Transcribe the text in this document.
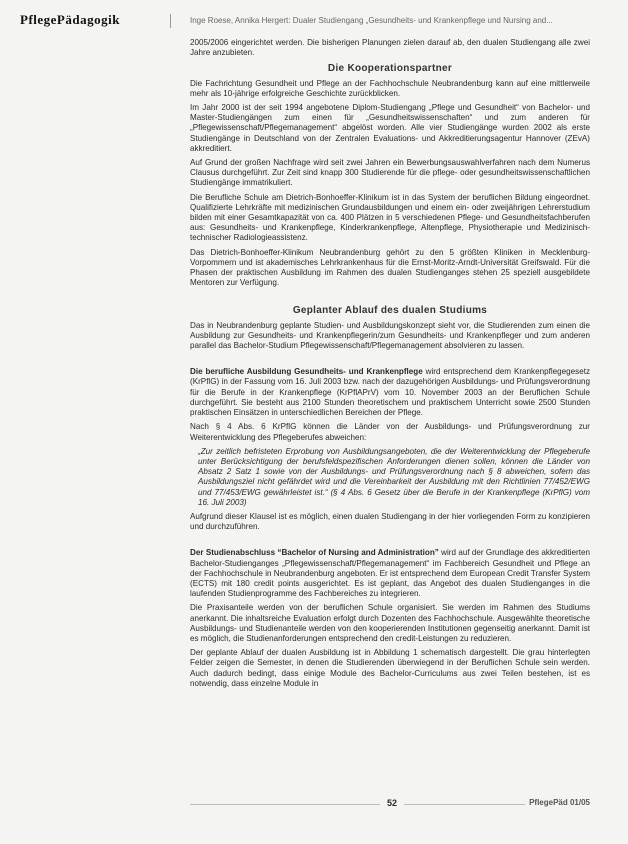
PflegePädagogik	Inge Roese, Annika Hergert: Dualer Studiengang „Gesundheits- und Krankenpflege und Nursing and...

2005/2006 eingerichtet werden. Die bisherigen Planungen zielen darauf ab, den dualen Studiengang alle zwei Jahre anzubieten.

Die Kooperationspartner

Die Fachrichtung Gesundheit und Pflege an der Fachhochschule Neubrandenburg kann auf eine mittlerweile mehr als 10-jährige erfolgreiche Geschichte zurückblicken.

Im Jahr 2000 ist der seit 1994 angebotene Diplom-Studiengang „Pflege und Gesundheit“ von Bachelor- und Master-Studiengängen zum einen für „Gesundheitswissenschaften“ und zum anderen für „Pflegewissenschaft/Pflegemanagement“ abgelöst worden. Alle vier Studiengänge wurden 2002 als erste Studiengänge in Deutschland von der Zentralen Evaluations- und Akkreditierungsagentur Hannover (ZEvA) akkreditiert.

Auf Grund der großen Nachfrage wird seit zwei Jahren ein Bewerbungsauswahlverfahren nach dem Numerus Clausus durchgeführt. Zur Zeit sind knapp 300 Studierende für die pflege- oder gesundheitswissenschaftlichen Studiengänge immatrikuliert.

Die Berufliche Schule am Dietrich-Bonhoeffer-Klinikum ist in das System der beruflichen Bildung eingeordnet. Qualifizierte Lehrkräfte mit medizinischen Grundausbildungen und einem ein- oder zweijährigen Lehrerstudium bilden mit einer Gesamtkapazität von ca. 400 Plätzen in 5 verschiedenen Pflege- und Gesundheitsfachberufen aus: Gesundheits- und Krankenpflege, Kinderkrankenpflege, Altenpflege, Physiotherapie und Medizinisch-technischer Radiologieassistenz.

Das Dietrich-Bonhoeffer-Klinikum Neubrandenburg gehört zu den 5 größten Kliniken in Mecklenburg-Vorpommern und ist akademisches Lehrkrankenhaus für die Ernst-Moritz-Arndt-Universität Greifswald. Für die Phasen der praktischen Ausbildung im Rahmen des dualen Studienganges stehen 25 speziell ausgebildete Mentoren zur Verfügung.

Geplanter Ablauf des dualen Studiums

Das in Neubrandenburg geplante Studien- und Ausbildungskonzept sieht vor, die Studierenden zum einen die Ausbildung zur Gesundheits- und Krankenpflegerin/zum Gesundheits- und Krankenpfleger und zum anderen parallel das Bachelor-Studium Pflegewissenschaft/Pflegemanagement absolvieren zu lassen.

Die berufliche Ausbildung Gesundheits- und Krankenpflege wird entsprechend dem Krankenpflegegesetz (KrPflG) in der Fassung vom 16. Juli 2003 bzw. nach der dazugehörigen Ausbildungs- und Prüfungsverordnung für die Berufe in der Krankenpflege (KrPflAPrV) vom 10. November 2003 an der Beruflichen Schule durchgeführt. Sie besteht aus 2100 Stunden theoretischem und praktischem Unterricht sowie 2500 Stunden praktischen Einsätzen in unterschiedlichen Bereichen der Pflege.

Nach § 4 Abs. 6 KrPflG können die Länder von der Ausbildungs- und Prüfungsverordnung zur Weiterentwicklung des Pflegeberufes abweichen:

„Zur zeitlich befristeten Erprobung von Ausbildungsangeboten, die der Weiterentwicklung der Pflegeberufe unter Berücksichtigung der berufsfeldspezifischen Anforderungen dienen sollen, können die Länder von Absatz 2 Satz 1 sowie von der Ausbildungs- und Prüfungsverordnung nach § 8 abweichen, sofern das Ausbildungsziel nicht gefährdet wird und die Vereinbarkeit der Ausbildung mit den Richtlinien 77/452/EWG und 77/453/EWG gewährleistet ist.“ (§ 4 Abs. 6 Gesetz über die Berufe in der Krankenpflege (KrPflG) vom 16. Juli 2003)

Aufgrund dieser Klausel ist es möglich, einen dualen Studiengang in der hier vorliegenden Form zu konzipieren und durchzuführen.

Der Studienabschluss “Bachelor of Nursing and Administration” wird auf der Grundlage des akkreditierten Bachelor-Studienganges „Pflegewissenschaft/Pflegemanagement“ im Fachbereich Gesundheit und Pflege an der Fachhochschule in Neubrandenburg angeboten. Er ist entsprechend dem European Credit Transfer System (ECTS) mit 180 credit points ausgerichtet. Es ist geplant, das Angebot des dualen Studienganges in die laufenden Studienprogramme des Fachbereiches zu integrieren.

Die Praxisanteile werden von der beruflichen Schule organisiert. Sie werden im Rahmen des Studiums anerkannt. Die inhaltsreiche Evaluation erfolgt durch Dozenten des Fachhochschule. Ausgewählte theoretische Ausbildungs- und Studienanteile werden von den kooperierenden Institutionen gegenseitig anerkannt. Damit ist es möglich, die Studienanforderungen entsprechend den credit-Leistungen zu reduzieren.

Der geplante Ablauf der dualen Ausbildung ist in Abbildung 1 schematisch dargestellt. Die grau hinterlegten Felder zeigen die Semester, in denen die Studierenden überwiegend in der Beruflichen Schule sein werden. Auch dadurch bedingt, dass einige Module des Bachelor-Curriculums aus zwei Teilen bestehen, ist es notwendig, dass einzelne Module in

52	PflegePäd 01/05
